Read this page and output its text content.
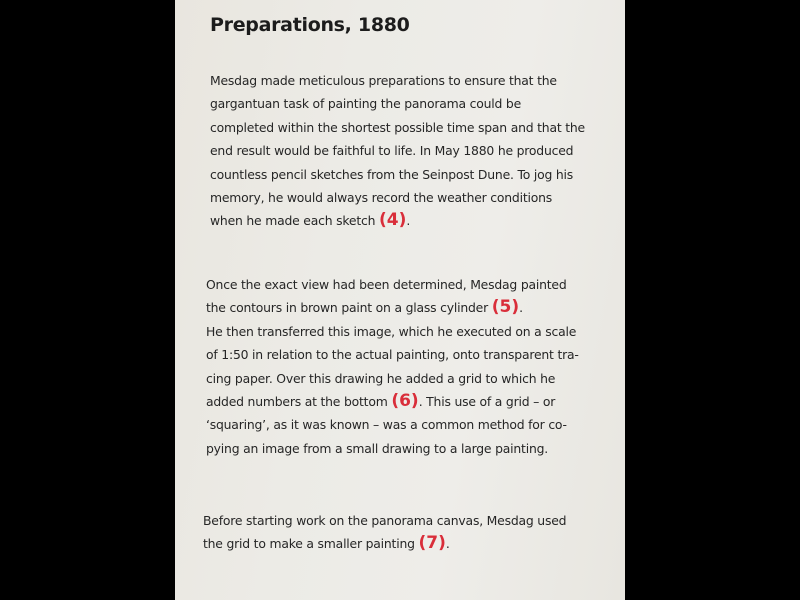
Preparations, 1880
Mesdag made meticulous preparations to ensure that the
gargantuan task of painting the panorama could be
completed within the shortest possible time span and that the
end result would be faithful to life. In May 1880 he produced
countless pencil sketches from the Seinpost Dune. To jog his
memory, he would always record the weather conditions
when he made each sketch (4).
Once the exact view had been determined, Mesdag painted
the contours in brown paint on a glass cylinder (5).
He then transferred this image, which he executed on a scale
of 1:50 in relation to the actual painting, onto transparent tra-
cing paper. Over this drawing he added a grid to which he
added numbers at the bottom (6). This use of a grid – or
‘squaring’, as it was known – was a common method for co-
pying an image from a small drawing to a large painting.
Before starting work on the panorama canvas, Mesdag used
the grid to make a smaller painting (7).
